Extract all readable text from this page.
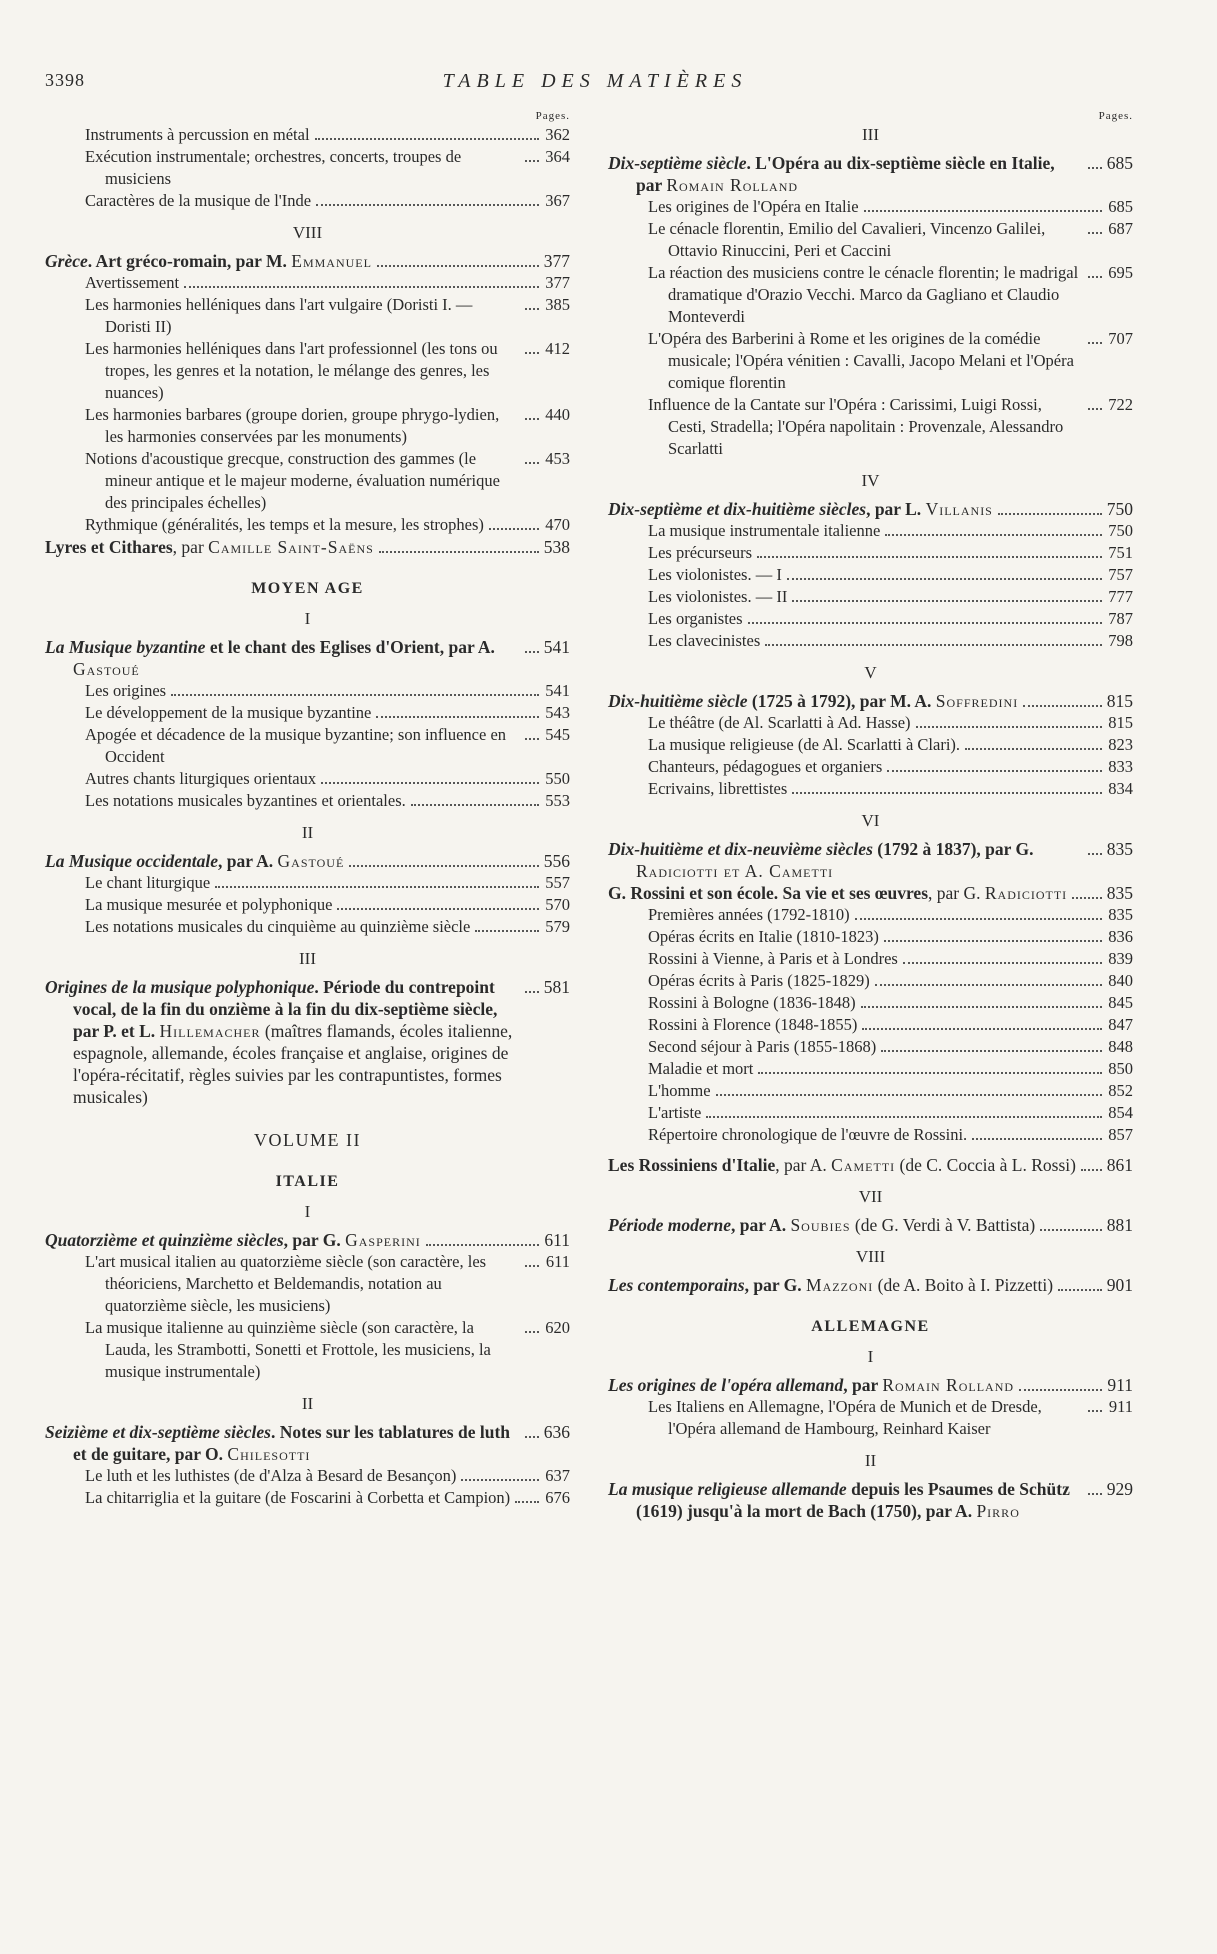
3398	TABLE DES MATIÈRES
Pages.
Instruments à percussion en métal	362
Exécution instrumentale; orchestres, concerts, troupes de musiciens
364
Caractères de la musique de l'Inde	367
VIII
Grèce. Art gréco-romain, par M. Emmanuel	377
Avertissement	377
Les harmonies helléniques dans l'art vulgaire (Doristi I. — Doristi II)
385
Les harmonies helléniques dans l'art professionnel (les tons ou tropes, les genres et la notation, le mélange des genres, les nuances)
412
Les harmonies barbares (groupe dorien, groupe phrygo-lydien, les harmonies conservées par les monuments)
440
Notions d'acoustique grecque, construction des gammes (le mineur antique et le majeur moderne, évaluation numérique des principales échelles)
453
Rythmique (généralités, les temps et la mesure, les strophes)	470
Lyres et Cithares, par Camille Saint-Saëns	538
MOYEN AGE
I
La Musique byzantine et le chant des Eglises d'Orient, par A. Gastoué
541
Les origines	541
Le développement de la musique byzantine	543
Apogée et décadence de la musique byzantine; son influence en Occident
545
Autres chants liturgiques orientaux	550
Les notations musicales byzantines et orientales.	553
II
La Musique occidentale, par A. Gastoué	556
Le chant liturgique	557
La musique mesurée et polyphonique	570
Les notations musicales du cinquième au quinzième siècle	579
III
Origines de la musique polyphonique. Période du contrepoint vocal, de la fin du onzième à la fin du dix-septième siècle, par P. et L. Hillemacher (maîtres flamands, écoles italienne, espagnole, allemande, écoles française et anglaise, origines de l'opéra-récitatif, règles suivies par les contrapuntistes, formes musicales)
581
VOLUME II
ITALIE
I
Quatorzième et quinzième siècles, par G. Gasperini	611
L'art musical italien au quatorzième siècle (son caractère, les théoriciens, Marchetto et Beldemandis, notation au quatorzième siècle, les musiciens)
611
La musique italienne au quinzième siècle (son caractère, la Lauda, les Strambotti, Sonetti et Frottole, les musiciens, la musique instrumentale)
620
II
Seizième et dix-septième siècles. Notes sur les tablatures de luth et de guitare, par O. Chilesotti
636
Le luth et les luthistes (de d'Alza à Besard de Besançon)	637
La chitarriglia et la guitare (de Foscarini à Corbetta et Campion) 676
Pages.
III
Dix-septième siècle. L'Opéra au dix-septième siècle en Italie, par Romain Rolland
685
Les origines de l'Opéra en Italie	685
Le cénacle florentin, Emilio del Cavalieri, Vincenzo Galilei, Ottavio Rinuccini, Peri et Caccini
687
La réaction des musiciens contre le cénacle florentin; le madrigal dramatique d'Orazio Vecchi. Marco da Gagliano et Claudio Monteverdi
695
L'Opéra des Barberini à Rome et les origines de la comédie musicale; l'Opéra vénitien : Cavalli, Jacopo Melani et l'Opéra comique florentin
707
Influence de la Cantate sur l'Opéra : Carissimi, Luigi Rossi, Cesti, Stradella; l'Opéra napolitain : Provenzale, Alessandro Scarlatti
722
IV
Dix-septième et dix-huitième siècles, par L. Villanis	750
La musique instrumentale italienne	750
Les précurseurs	751
Les violonistes. — I	757
Les violonistes. — II	777
Les organistes	787
Les clavecinistes	798
V
Dix-huitième siècle (1725 à 1792), par M. A. Soffredini	815
Le théâtre (de Al. Scarlatti à Ad. Hasse)	815
La musique religieuse (de Al. Scarlatti à Clari).	823
Chanteurs, pédagogues et organiers	833
Ecrivains, librettistes	834
VI
Dix-huitième et dix-neuvième siècles (1792 à 1837), par G. Radiciotti et A. Cametti
835
G. Rossini et son école. Sa vie et ses œuvres, par G. Radiciotti 835
Premières années (1792-1810)	835
Opéras écrits en Italie (1810-1823)	836
Rossini à Vienne, à Paris et à Londres	839
Opéras écrits à Paris (1825-1829)	840
Rossini à Bologne (1836-1848)	845
Rossini à Florence (1848-1855)	847
Second séjour à Paris (1855-1868)	848
Maladie et mort	850
L'homme	852
L'artiste	854
Répertoire chronologique de l'œuvre de Rossini.	857
Les Rossiniens d'Italie, par A. Cametti (de C. Coccia à L. Rossi) 861
VII
Période moderne, par A. Soubies (de G. Verdi à V. Battista)	881
VIII
Les contemporains, par G. Mazzoni (de A. Boito à I. Pizzetti)	901
ALLEMAGNE
I
Les origines de l'opéra allemand, par Romain Rolland	911
Les Italiens en Allemagne, l'Opéra de Munich et de Dresde, l'Opéra allemand de Hambourg, Reinhard Kaiser
911
II
La musique religieuse allemande depuis les Psaumes de Schütz (1619) jusqu'à la mort de Bach (1750), par A. Pirro
929
